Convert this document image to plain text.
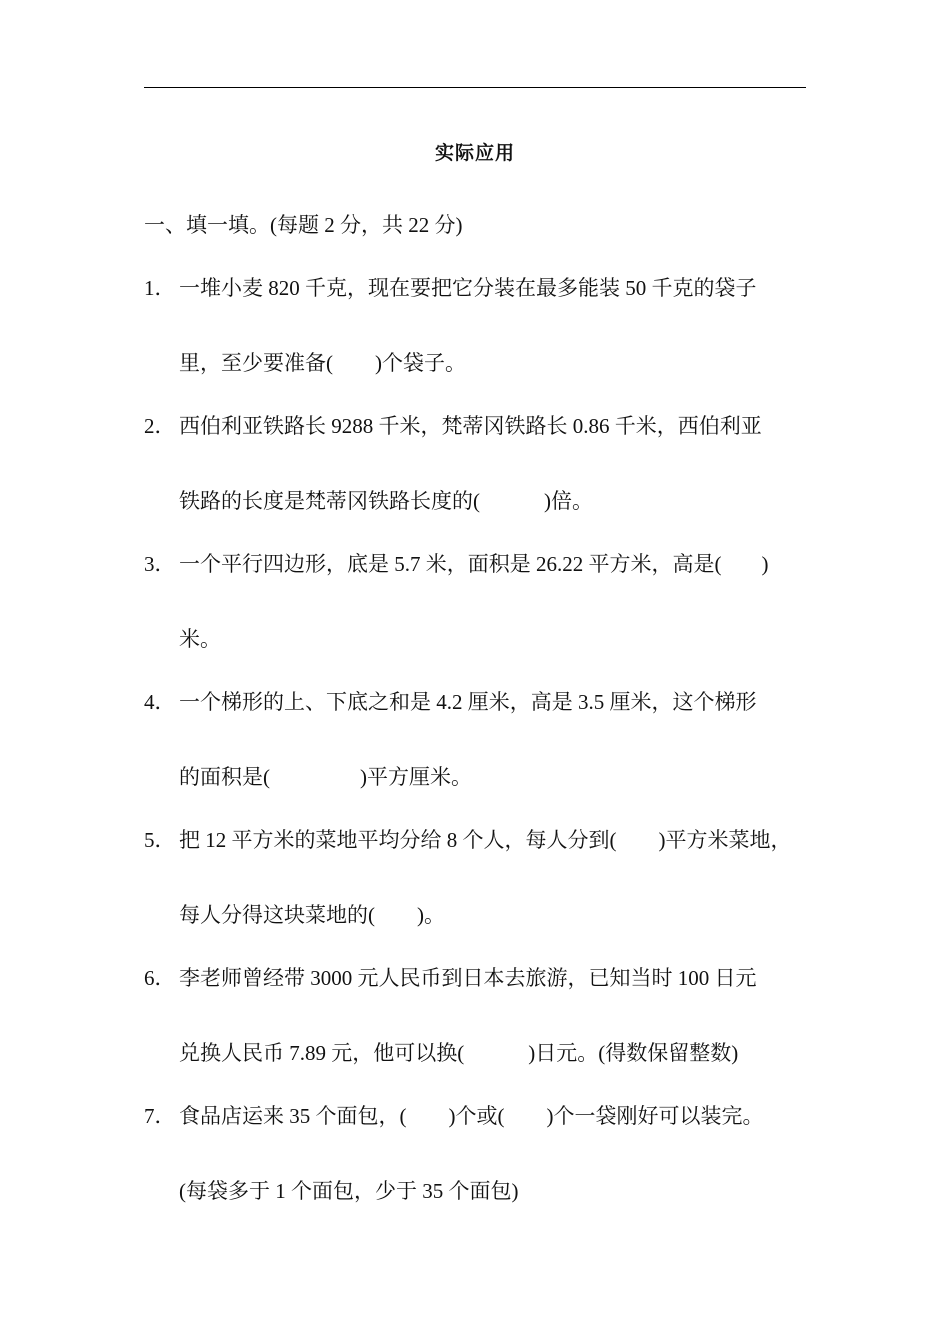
实际应用
一、填一填。(每题 2 分，共 22 分)
1． 一堆小麦 820 千克，现在要把它分装在最多能装 50 千克的袋子
里，至少要准备( )个袋子。
2． 西伯利亚铁路长 9288 千米，梵蒂冈铁路长 0.86 千米，西伯利亚
铁路的长度是梵蒂冈铁路长度的(	)倍。
3． 一个平行四边形，底是 5.7 米，面积是 26.22 平方米，高是( )
米。
4． 一个梯形的上、下底之和是 4.2 厘米，高是 3.5 厘米，这个梯形
的面积是(	)平方厘米。
5． 把 12 平方米的菜地平均分给 8 个人，每人分到( )平方米菜地，
每人分得这块菜地的( )。
6． 李老师曾经带 3000 元人民币到日本去旅游，已知当时 100 日元
兑换人民币 7.89 元，他可以换(	)日元。(得数保留整数)
7． 食品店运来 35 个面包，( )个或( )个一袋刚好可以装完。
(每袋多于 1 个面包，少于 35 个面包)
